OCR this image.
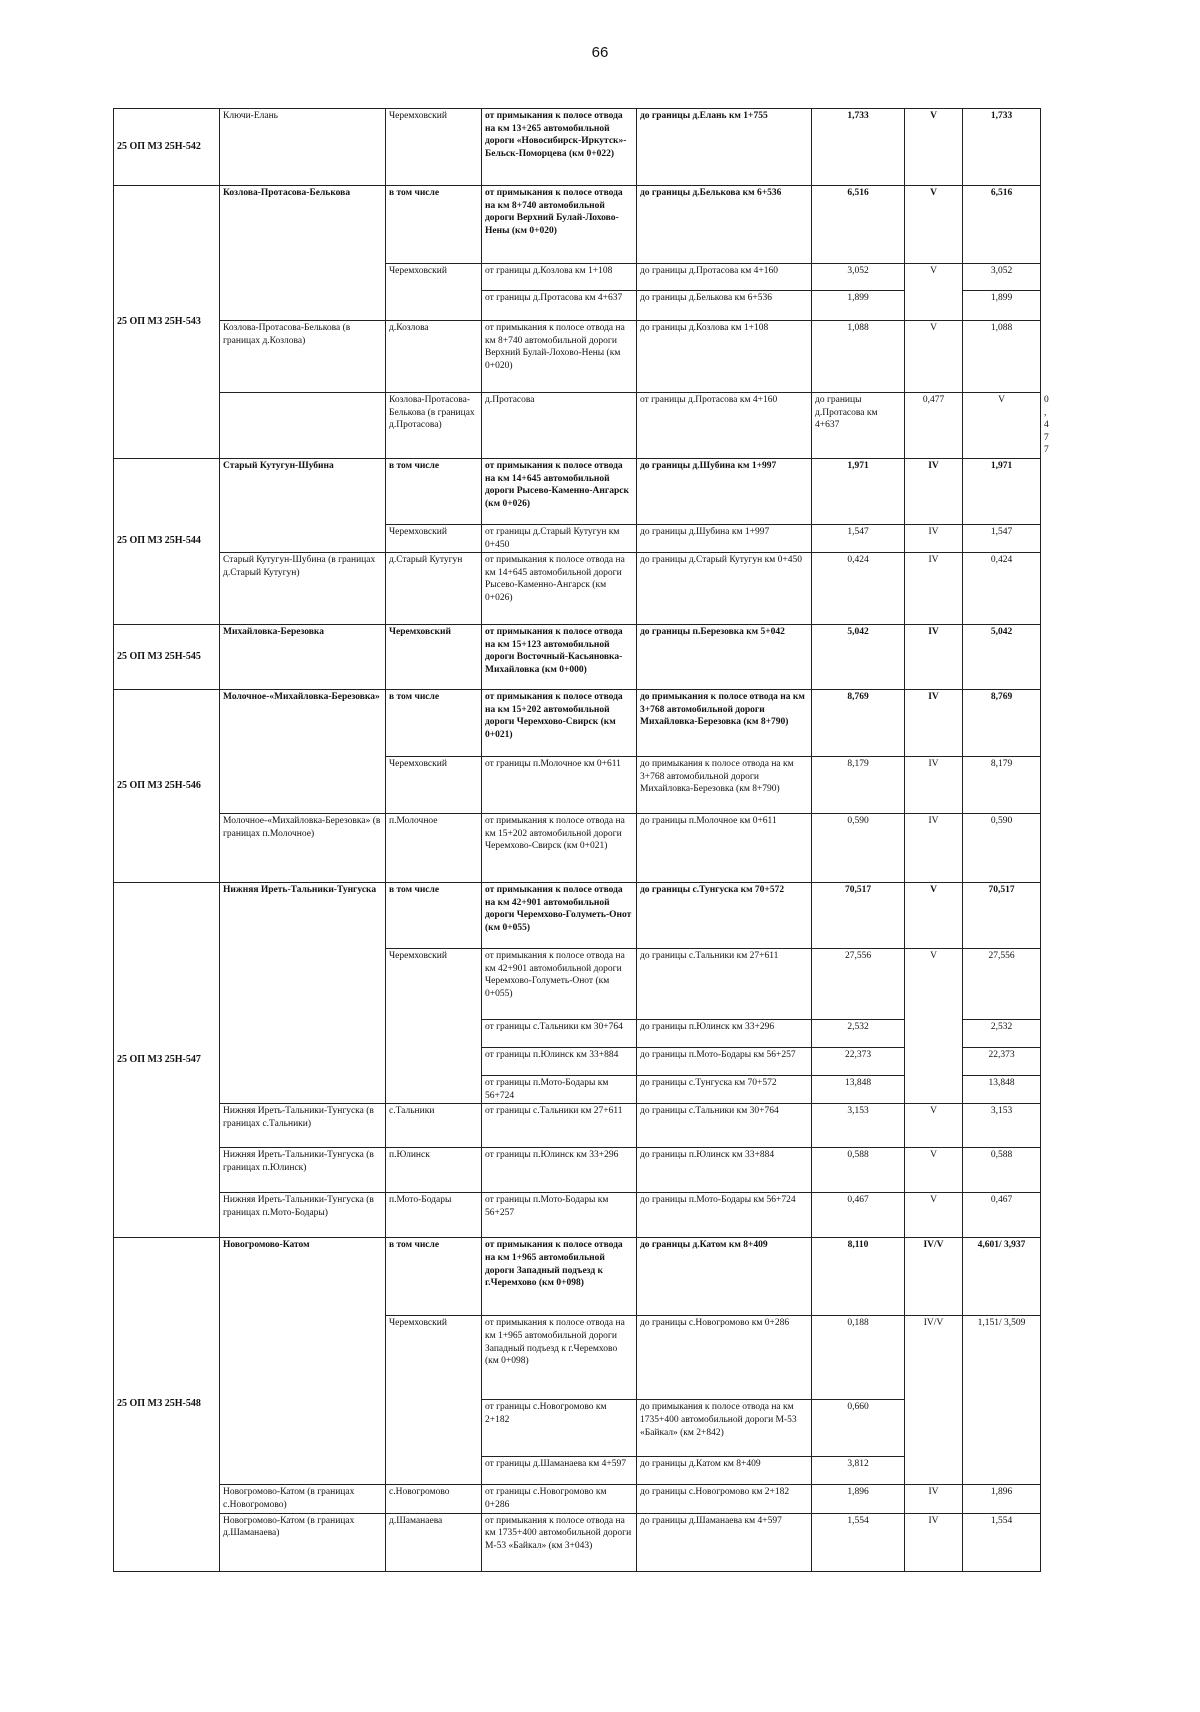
66
25 ОП МЗ 25Н-542	Ключи-Елань	Черемховский	от примыкания к полосе отвода на км 13+265 автомобильной дороги «Новосибирск-Иркутск»-Бельск-Поморцева (км 0+022)	до границы д.Елань км 1+755	1,733	V	1,733	
25 ОП МЗ 25Н-543	Козлова-Протасова-Белькова	в том числе	от примыкания к полосе отвода на км 8+740 автомобильной дороги Верхний Булай-Лохово-Нены (км 0+020)	до границы д.Белькова км 6+536	6,516	V	6,516	
		Черемховский	от границы д.Козлова км 1+108	до границы д.Протасова км 4+160	3,052	V	3,052	
			от границы д.Протасова км 4+637	до границы д.Белькова км 6+536	1,899		1,899	
	Козлова-Протасова-Белькова (в границах д.Козлова)	д.Козлова	от примыкания к полосе отвода на км 8+740 автомобильной дороги Верхний Булай-Лохово-Нены (км 0+020)	до границы д.Козлова км 1+108	1,088	V	1,088	
		Козлова-Протасова-Белькова (в границах д.Протасова)	д.Протасова	от границы д.Протасова км 4+160	до границы д.Протасова км 4+637	0,477	V	0,477
25 ОП МЗ 25Н-544	Старый Кутугун-Шубина	в том числе	от примыкания к полосе отвода на км 14+645 автомобильной дороги Рысево-Каменно-Ангарск (км 0+026)	до границы д.Шубина км 1+997	1,971	IV	1,971	
		Черемховский	от границы д.Старый Кутугун км 0+450	до границы д.Шубина км 1+997	1,547	IV	1,547	
	Старый Кутугун-Шубина (в границах д.Старый Кутугун)	д.Старый Кутугун	от примыкания к полосе отвода на км 14+645 автомобильной дороги Рысево-Каменно-Ангарск (км 0+026)	до границы д.Старый Кутугун км 0+450	0,424	IV	0,424	
25 ОП МЗ 25Н-545	Михайловка-Березовка	Черемховский	от примыкания к полосе отвода на км 15+123 автомобильной дороги Восточный-Касьяновка-Михайловка (км 0+000)	до границы п.Березовка км 5+042	5,042	IV	5,042	
25 ОП МЗ 25Н-546	Молочное-«Михайловка-Березовка»	в том числе	от примыкания к полосе отвода на км 15+202 автомобильной дороги Черемхово-Свирск (км 0+021)	до примыкания к полосе отвода на км 3+768 автомобильной дороги Михайловка-Березовка (км 8+790)	8,769	IV	8,769	
		Черемховский	от границы п.Молочное км 0+611	до примыкания к полосе отвода на км 3+768 автомобильной дороги Михайловка-Березовка (км 8+790)	8,179	IV	8,179	
	Молочное-«Михайловка-Березовка» (в границах п.Молочное)	п.Молочное	от примыкания к полосе отвода на км 15+202 автомобильной дороги Черемхово-Свирск (км 0+021)	до границы п.Молочное км 0+611	0,590	IV	0,590	
25 ОП МЗ 25Н-547	Нижняя Иреть-Тальники-Тунгуска	в том числе	от примыкания к полосе отвода на км 42+901 автомобильной дороги Черемхово-Голуметь-Онот (км 0+055)	до границы с.Тунгуска км 70+572	70,517	V	70,517	
		Черемховский	от примыкания к полосе отвода на км 42+901 автомобильной дороги Черемхово-Голуметь-Онот (км 0+055)	до границы с.Тальники км 27+611	27,556	V	27,556	
			от границы с.Тальники км 30+764	до границы п.Юлинск км 33+296	2,532		2,532	
			от границы п.Юлинск км 33+884	до границы п.Мото-Бодары км 56+257	22,373		22,373	
			от границы п.Мото-Бодары км 56+724	до границы с.Тунгуска км 70+572	13,848		13,848	
	Нижняя Иреть-Тальники-Тунгуска (в границах с.Тальники)	с.Тальники	от границы с.Тальники км 27+611	до границы с.Тальники км 30+764	3,153	V	3,153	
	Нижняя Иреть-Тальники-Тунгуска (в границах п.Юлинск)	п.Юлинск	от границы п.Юлинск км 33+296	до границы п.Юлинск км 33+884	0,588	V	0,588	
	Нижняя Иреть-Тальники-Тунгуска (в границах п.Мото-Бодары)	п.Мото-Бодары	от границы п.Мото-Бодары км 56+257	до границы п.Мото-Бодары км 56+724	0,467	V	0,467	
25 ОП МЗ 25Н-548	Новогромово-Катом	в том числе	от примыкания к полосе отвода на км 1+965 автомобильной дороги Западный подъезд к г.Черемхово (км 0+098)	до границы д.Катом км 8+409	8,110	IV/V	4,601/ 3,937	
		Черемховский	от примыкания к полосе отвода на км 1+965 автомобильной дороги Западный подъезд к г.Черемхово (км 0+098)	до границы с.Новогромово км 0+286	0,188	IV/V	1,151/ 3,509	
			от границы с.Новогромово км 2+182	до примыкания к полосе отвода на км 1735+400 автомобильной дороги М-53 «Байкал» (км 2+842)	0,660			
			от границы д.Шаманаева км 4+597	до границы д.Катом км 8+409	3,812			
	Новогромово-Катом (в границах с.Новогромово)	с.Новогромово	от границы с.Новогромово км 0+286	до границы с.Новогромово км 2+182	1,896	IV	1,896	
	Новогромово-Катом (в границах д.Шаманаева)	д.Шаманаева	от примыкания к полосе отвода на км 1735+400 автомобильной дороги М-53 «Байкал» (км 3+043)	до границы д.Шаманаева км 4+597	1,554	IV	1,554	
